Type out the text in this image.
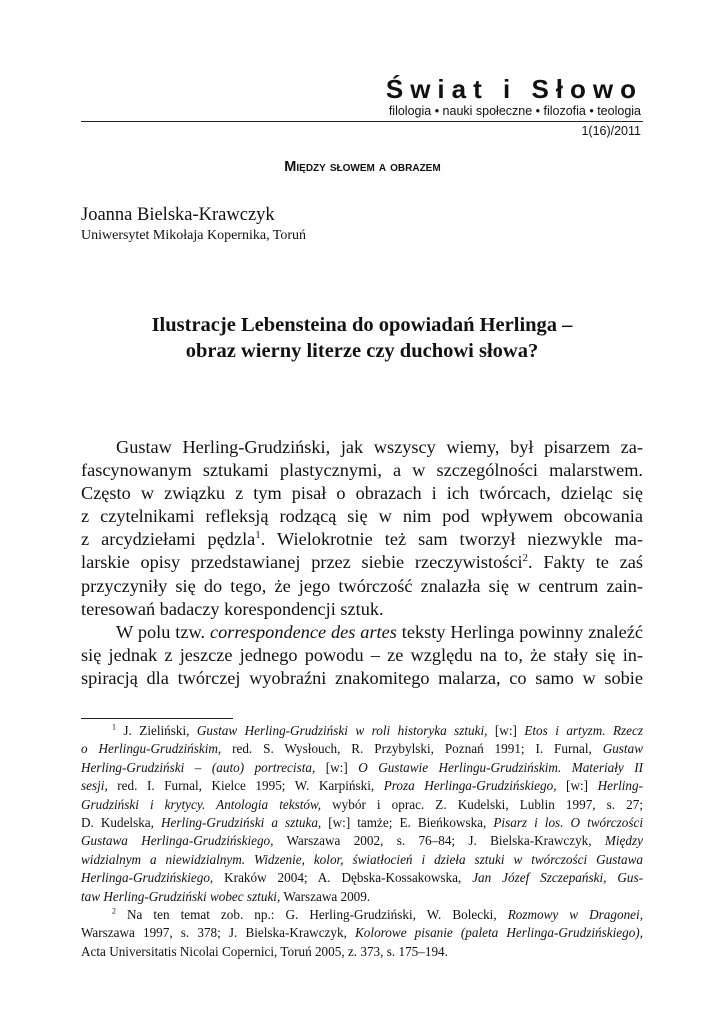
Świat i Słowo
filologia • nauki społeczne • filozofia • teologia
1(16)/2011
Między słowem a obrazem
Joanna Bielska-Krawczyk
Uniwersytet Mikołaja Kopernika, Toruń
Ilustracje Lebensteina do opowiadań Herlinga –
obraz wierny literze czy duchowi słowa?
Gustaw Herling-Grudziński, jak wszyscy wiemy, był pisarzem za-
fascynowanym sztukami plastycznymi, a w szczególności malarstwem.
Często w związku z tym pisał o obrazach i ich twórcach, dzieląc się
z czytelnikami refleksją rodzącą się w nim pod wpływem obcowania
z arcydziełami pędzla$^1$. Wielokrotnie też sam tworzył niezwykle ma-
larskie opisy przedstawianej przez siebie rzeczywistości$^2$. Fakty te zaś
przyczyniły się do tego, że jego twórczość znalazła się w centrum zain-
teresowań badaczy korespondencji sztuk.
W polu tzw. correspondence des artes teksty Herlinga powinny znaleźć
się jednak z jeszcze jednego powodu – ze względu na to, że stały się in-
spiracją dla twórczej wyobraźni znakomitego malarza, co samo w sobie
$^1$ J. Zieliński, Gustaw Herling-Grudziński w roli historyka sztuki, [w:] Etos i artyzm. Rzecz
o Herlingu-Grudzińskim, red. S. Wysłouch, R. Przybylski, Poznań 1991; I. Furnal, Gustaw
Herling-Grudziński – (auto) portrecista, [w:] O Gustawie Herlingu-Grudzińskim. Materiały II
sesji, red. I. Furnal, Kielce 1995; W. Karpiński, Proza Herlinga-Grudzińskiego, [w:] Herling-
Grudziński i krytycy. Antologia tekstów, wybór i oprac. Z. Kudelski, Lublin 1997, s. 27;
D. Kudelska, Herling-Grudziński a sztuka, [w:] tamże; E. Bieńkowska, Pisarz i los. O twórczości
Gustawa Herlinga-Grudzińskiego, Warszawa 2002, s. 76–84; J. Bielska-Krawczyk, Między
widzialnym a niewidzialnym. Widzenie, kolor, światłocień i dzieła sztuki w twórczości Gustawa
Herlinga-Grudzińskiego, Kraków 2004; A. Dębska-Kossakowska, Jan Józef Szczepański, Gus-
taw Herling-Grudziński wobec sztuki, Warszawa 2009.
$^2$ Na ten temat zob. np.: G. Herling-Grudziński, W. Bolecki, Rozmowy w Dragonei,
Warszawa 1997, s. 378; J. Bielska-Krawczyk, Kolorowe pisanie (paleta Herlinga-Grudzińskiego),
Acta Universitatis Nicolai Copernici, Toruń 2005, z. 373, s. 175–194.
